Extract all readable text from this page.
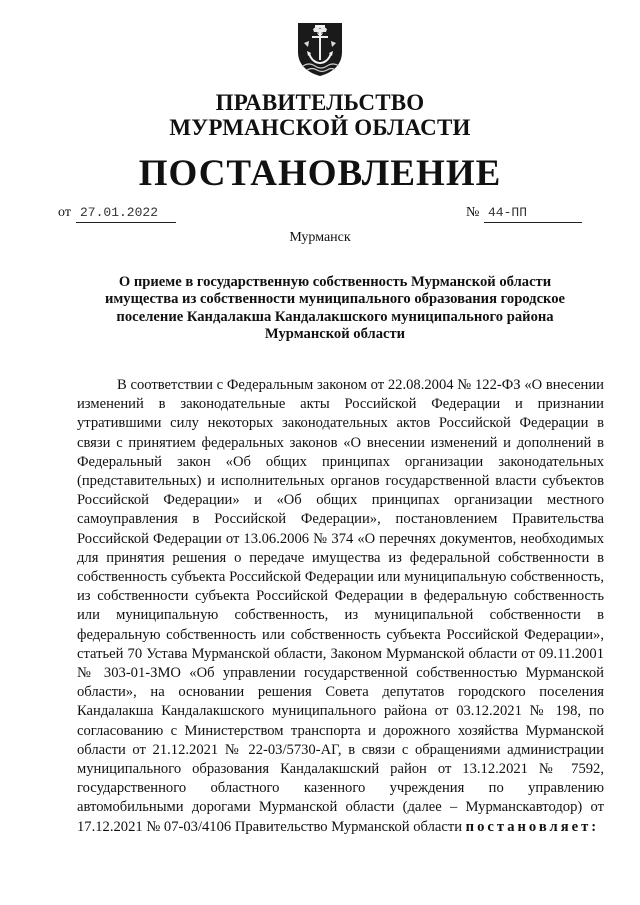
ПРАВИТЕЛЬСТВО
МУРМАНСКОЙ ОБЛАСТИ
ПОСТАНОВЛЕНИЕ
от 27.01.2022	№ 44-ПП
Мурманск
О приеме в государственную собственность Мурманской области имущества из собственности муниципального образования городское поселение Кандалакша Кандалакшского муниципального района Мурманской области
В соответствии с Федеральным законом от 22.08.2004 № 122-ФЗ «О внесении изменений в законодательные акты Российской Федерации и признании утратившими силу некоторых законодательных актов Российской Федерации в связи с принятием федеральных законов «О внесении изменений и дополнений в Федеральный закон «Об общих принципах организации законодательных (представительных) и исполнительных органов государственной власти субъектов Российской Федерации» и «Об общих принципах организации местного самоуправления в Российской Федерации», постановлением Правительства Российской Федерации от 13.06.2006 № 374 «О перечнях документов, необходимых для принятия решения о передаче имущества из федеральной собственности в собственность субъекта Российской Федерации или муниципальную собственность, из собственности субъекта Российской Федерации в федеральную собственность или муниципальную собственность, из муниципальной собственности в федеральную собственность или собственность субъекта Российской Федерации», статьей 70 Устава Мурманской области, Законом Мурманской области от 09.11.2001 № 303-01-ЗМО «Об управлении государственной собственностью Мурманской области», на основании решения Совета депутатов городского поселения Кандалакша Кандалакшского муниципального района от 03.12.2021 № 198, по согласованию с Министерством транспорта и дорожного хозяйства Мурманской области от 21.12.2021 № 22-03/5730-АГ, в связи с обращениями администрации муниципального образования Кандалакшский район от 13.12.2021 № 7592, государственного областного казенного учреждения по управлению автомобильными дорогами Мурманской области (далее – Мурманскавтодор) от 17.12.2021 № 07-03/4106 Правительство Мурманской области постановляет:
